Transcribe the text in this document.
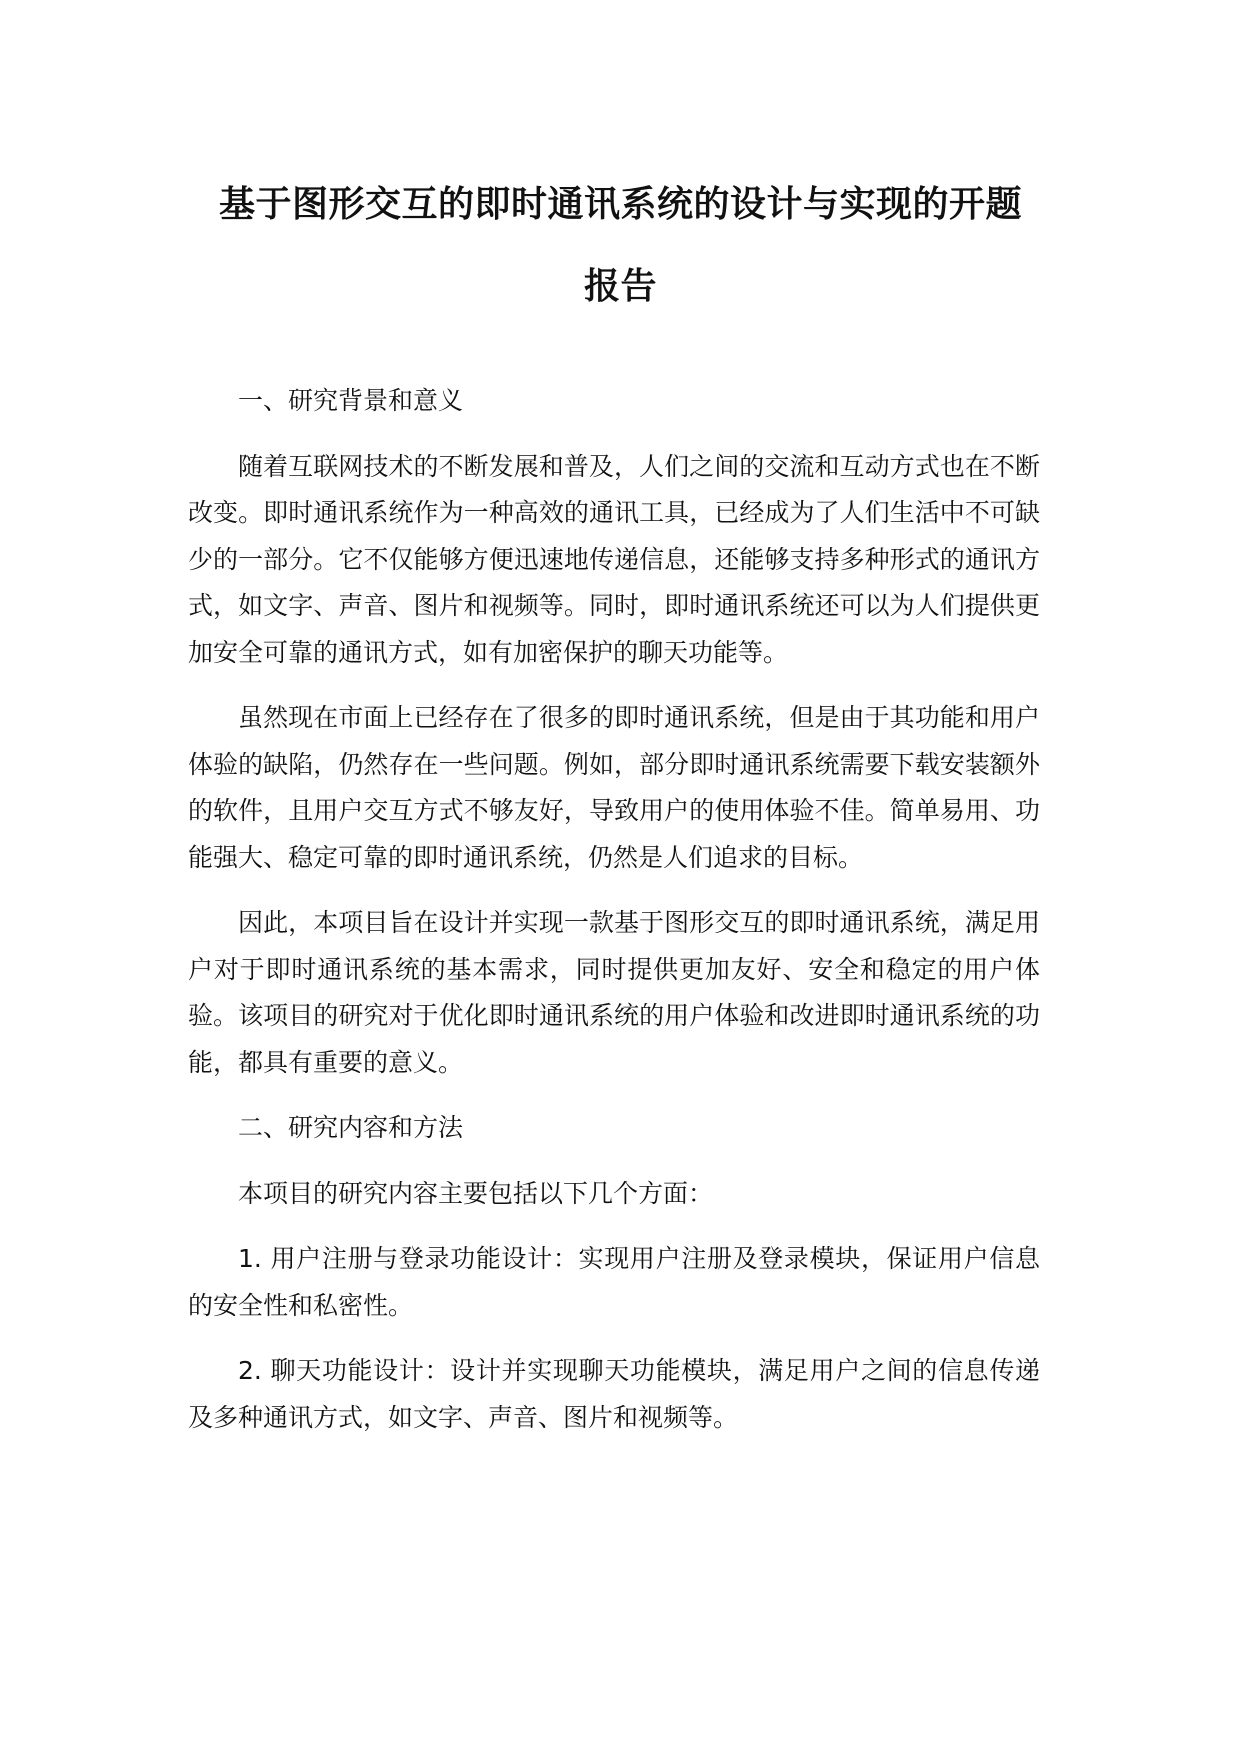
基于图形交互的即时通讯系统的设计与实现的开题
报告

一、研究背景和意义

随着互联网技术的不断发展和普及，人们之间的交流和互动方式也在不断改变。即时通讯系统作为一种高效的通讯工具，已经成为了人们生活中不可缺少的一部分。它不仅能够方便迅速地传递信息，还能够支持多种形式的通讯方式，如文字、声音、图片和视频等。同时，即时通讯系统还可以为人们提供更加安全可靠的通讯方式，如有加密保护的聊天功能等。

虽然现在市面上已经存在了很多的即时通讯系统，但是由于其功能和用户体验的缺陷，仍然存在一些问题。例如，部分即时通讯系统需要下载安装额外的软件，且用户交互方式不够友好，导致用户的使用体验不佳。简单易用、功能强大、稳定可靠的即时通讯系统，仍然是人们追求的目标。

因此，本项目旨在设计并实现一款基于图形交互的即时通讯系统，满足用户对于即时通讯系统的基本需求，同时提供更加友好、安全和稳定的用户体验。该项目的研究对于优化即时通讯系统的用户体验和改进即时通讯系统的功能，都具有重要的意义。

二、研究内容和方法

本项目的研究内容主要包括以下几个方面：

1. 用户注册与登录功能设计：实现用户注册及登录模块，保证用户信息的安全性和私密性。

2. 聊天功能设计：设计并实现聊天功能模块，满足用户之间的信息传递及多种通讯方式，如文字、声音、图片和视频等。
